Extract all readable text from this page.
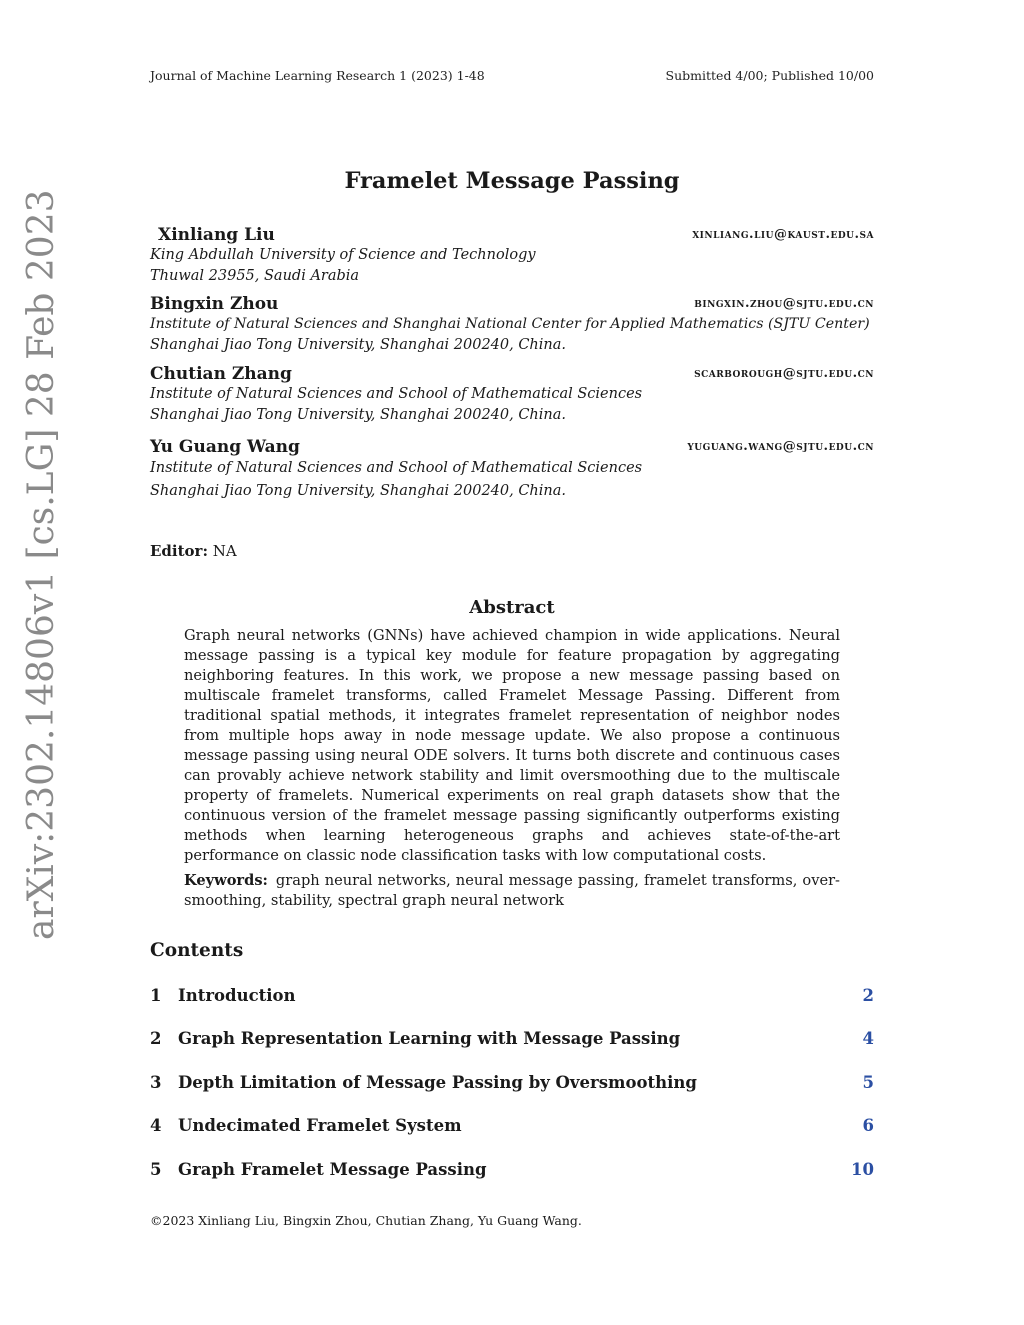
Journal of Machine Learning Research 1 (2023) 1-48	Submitted 4/00; Published 10/00
arXiv:2302.14806v1 [cs.LG] 28 Feb 2023
Framelet Message Passing
Xinliang Liu	xinliang.liu@kaust.edu.sa
King Abdullah University of Science and Technology
Thuwal 23955, Saudi Arabia
Bingxin Zhou	bingxin.zhou@sjtu.edu.cn
Institute of Natural Sciences and Shanghai National Center for Applied Mathematics (SJTU Center)
Shanghai Jiao Tong University, Shanghai 200240, China.
Chutian Zhang	scarborough@sjtu.edu.cn
Institute of Natural Sciences and School of Mathematical Sciences
Shanghai Jiao Tong University, Shanghai 200240, China.
Yu Guang Wang	yuguang.wang@sjtu.edu.cn
Institute of Natural Sciences and School of Mathematical Sciences
Shanghai Jiao Tong University, Shanghai 200240, China.
Editor: NA
Abstract
Graph neural networks (GNNs) have achieved champion in wide applications. Neural message passing is a typical key module for feature propagation by aggregating neighboring features. In this work, we propose a new message passing based on multiscale framelet transforms, called Framelet Message Passing. Different from traditional spatial methods, it integrates framelet representation of neighbor nodes from multiple hops away in node message update. We also propose a continuous message passing using neural ODE solvers. It turns both discrete and continuous cases can provably achieve network stability and limit oversmoothing due to the multiscale property of framelets. Numerical experiments on real graph datasets show that the continuous version of the framelet message passing significantly outperforms existing methods when learning heterogeneous graphs and achieves state-of-the-art performance on classic node classification tasks with low computational costs.
Keywords: graph neural networks, neural message passing, framelet transforms, over-smoothing, stability, spectral graph neural network
Contents
1 Introduction	2
2 Graph Representation Learning with Message Passing	4
3 Depth Limitation of Message Passing by Oversmoothing	5
4 Undecimated Framelet System	6
5 Graph Framelet Message Passing	10
©2023 Xinliang Liu, Bingxin Zhou, Chutian Zhang, Yu Guang Wang.
